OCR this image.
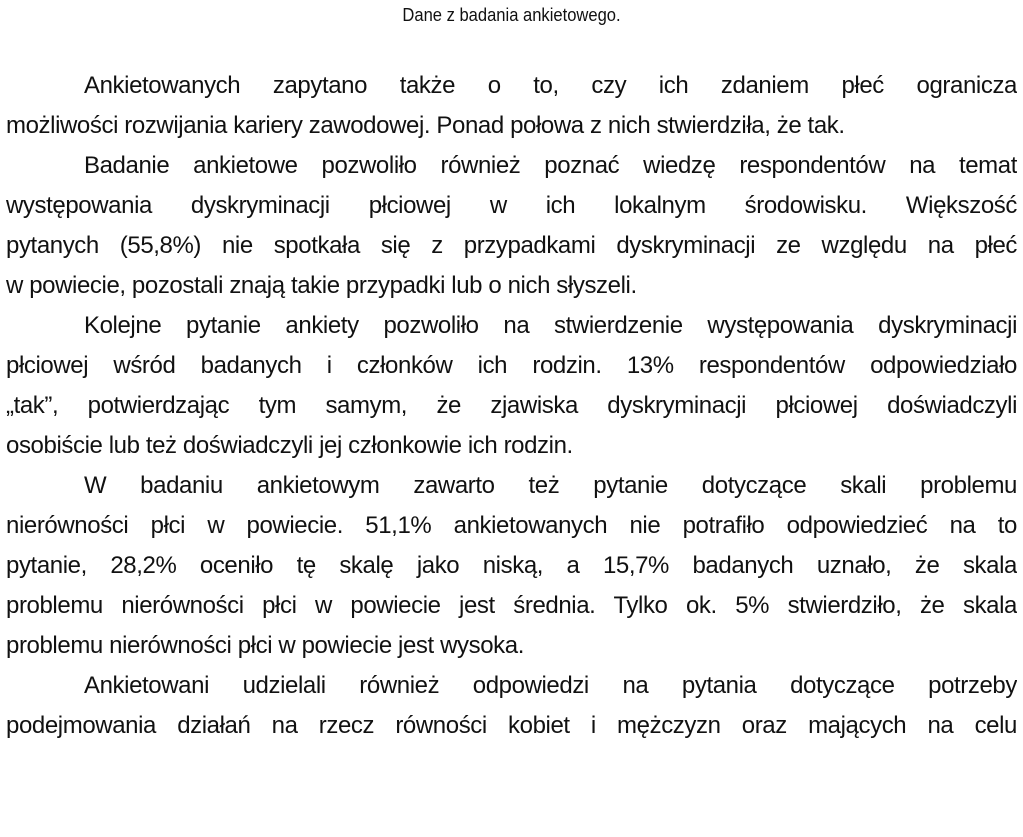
Dane z badania ankietowego.
Ankietowanych zapytano także o to, czy ich zdaniem płeć ogranicza
możliwości rozwijania kariery zawodowej. Ponad połowa z nich stwierdziła, że tak.
Badanie ankietowe pozwoliło również poznać wiedzę respondentów na temat
występowania dyskryminacji płciowej w ich lokalnym środowisku. Większość
pytanych (55,8%) nie spotkała się z przypadkami dyskryminacji ze względu na płeć
w powiecie, pozostali znają takie przypadki lub o nich słyszeli.
Kolejne pytanie ankiety pozwoliło na stwierdzenie występowania dyskryminacji
płciowej wśród badanych i członków ich rodzin. 13% respondentów odpowiedziało
„tak”, potwierdzając tym samym, że zjawiska dyskryminacji płciowej doświadczyli
osobiście lub też doświadczyli jej członkowie ich rodzin.
W badaniu ankietowym zawarto też pytanie dotyczące skali problemu
nierówności płci w powiecie. 51,1% ankietowanych nie potrafiło odpowiedzieć na to
pytanie, 28,2% oceniło tę skalę jako niską, a 15,7% badanych uznało, że skala
problemu nierówności płci w powiecie jest średnia. Tylko ok. 5% stwierdziło, że skala
problemu nierówności płci w powiecie jest wysoka.
Ankietowani udzielali również odpowiedzi na pytania dotyczące potrzeby
podejmowania działań na rzecz równości kobiet i mężczyzn oraz mających na celu
